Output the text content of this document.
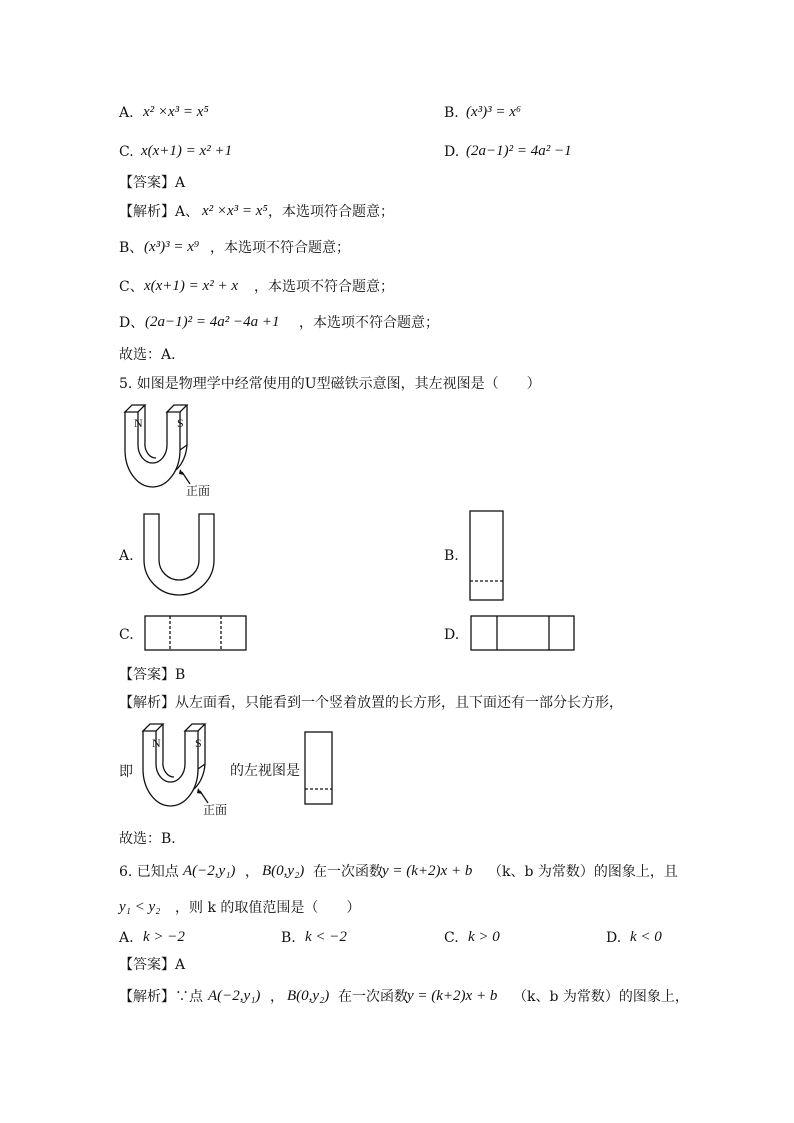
A. x² ×x³ = x⁵	B. (x³)³ = x⁶
C. x(x+1) = x² +1	D. (2a−1)² = 4a² −1
【答案】A
【解析】A、 x² ×x³ = x⁵ ，本选项符合题意；
B、 (x³)³ = x⁹ ，本选项不符合题意；
C、 x(x+1) = x² + x ，本选项不符合题意；
D、 (2a−1)² = 4a² −4a +1 ，本选项不符合题意；
故选：A．
5. 如图是物理学中经常使用的U型磁铁示意图，其左视图是（　　）
N	S
正面
A.	B.
C.	D.
【答案】B
【解析】从左面看，只能看到一个竖着放置的长方形，且下面还有一部分长方形，
即
N	S
正面
的左视图是
故选：B．
6. 已知点 A(−2,y₁) ， B(0,y₂) 在一次函数 y = (k+2)x + b （k、b 为常数）的图象上，且
y₁ < y₂ ，则 k 的取值范围是（　　）
A. k > −2	B. k < −2	C. k > 0	D. k < 0
【答案】A
【解析】 ∵点 A(−2,y₁) ， B(0,y₂) 在一次函数 y = (k+2)x + b （k、b 为常数）的图象上，
